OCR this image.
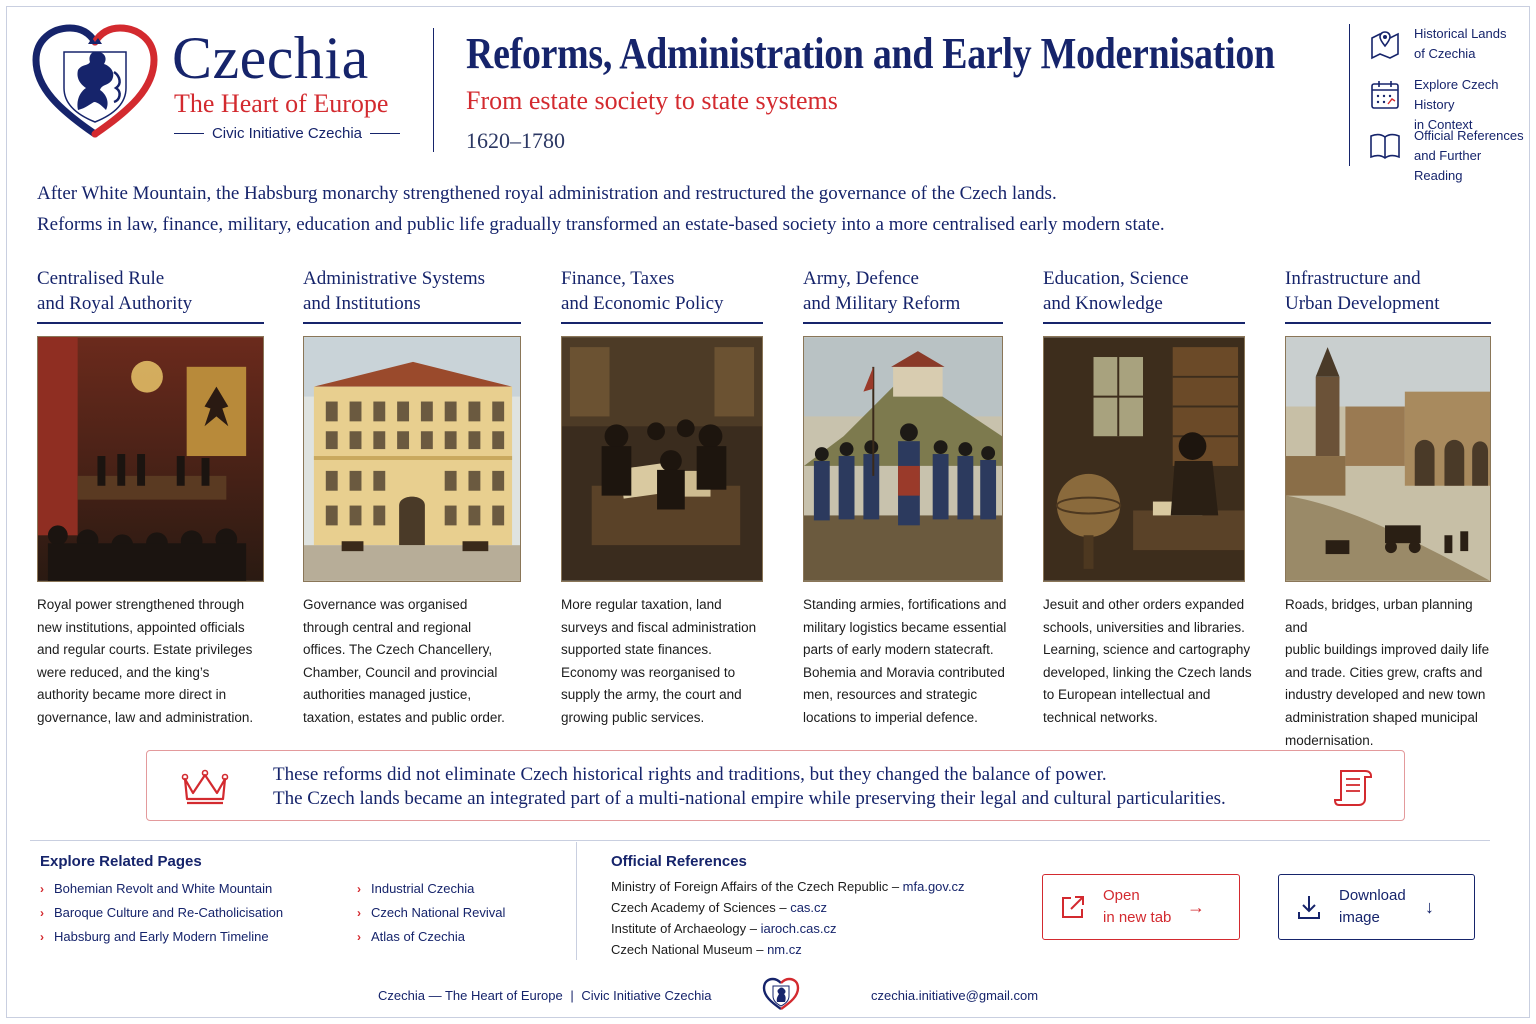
Czechia
The Heart of Europe
Civic Initiative Czechia
Reforms, Administration and Early Modernisation
From estate society to state systems
1620–1780
Historical Lands
of Czechia
Explore Czech History
in Context
Official References
and Further Reading
After White Mountain, the Habsburg monarchy strengthened royal administration and restructured the governance of the Czech lands.
Reforms in law, finance, military, education and public life gradually transformed an estate-based society into a more centralised early modern state.
Centralised Rule
and Royal Authority
Royal power strengthened through
new institutions, appointed officials
and regular courts. Estate privileges
were reduced, and the king’s
authority became more direct in
governance, law and administration.
Administrative Systems
and Institutions
Governance was organised
through central and regional
offices. The Czech Chancellery,
Chamber, Council and provincial
authorities managed justice,
taxation, estates and public order.
Finance, Taxes
and Economic Policy
More regular taxation, land
surveys and fiscal administration
supported state finances.
Economy was reorganised to
supply the army, the court and
growing public services.
Army, Defence
and Military Reform
Standing armies, fortifications and
military logistics became essential
parts of early modern statecraft.
Bohemia and Moravia contributed
men, resources and strategic
locations to imperial defence.
Education, Science
and Knowledge
Jesuit and other orders expanded
schools, universities and libraries.
Learning, science and cartography
developed, linking the Czech lands
to European intellectual and
technical networks.
Infrastructure and
Urban Development
Roads, bridges, urban planning and
public buildings improved daily life
and trade. Cities grew, crafts and
industry developed and new town
administration shaped municipal
modernisation.
These reforms did not eliminate Czech historical rights and traditions, but they changed the balance of power.
The Czech lands became an integrated part of a multi-national empire while preserving their legal and cultural particularities.
Explore Related Pages
› Bohemian Revolt and White Mountain
› Baroque Culture and Re-Catholicisation
› Habsburg and Early Modern Timeline
› Industrial Czechia
› Czech National Revival
› Atlas of Czechia
Official References
Ministry of Foreign Affairs of the Czech Republic – mfa.gov.cz
Czech Academy of Sciences – cas.cz
Institute of Archaeology – iaroch.cas.cz
Czech National Museum – nm.cz
Open
in new tab
→
Download
image
↓
Czechia — The Heart of Europe | Civic Initiative Czechia	czechia.initiative@gmail.com
